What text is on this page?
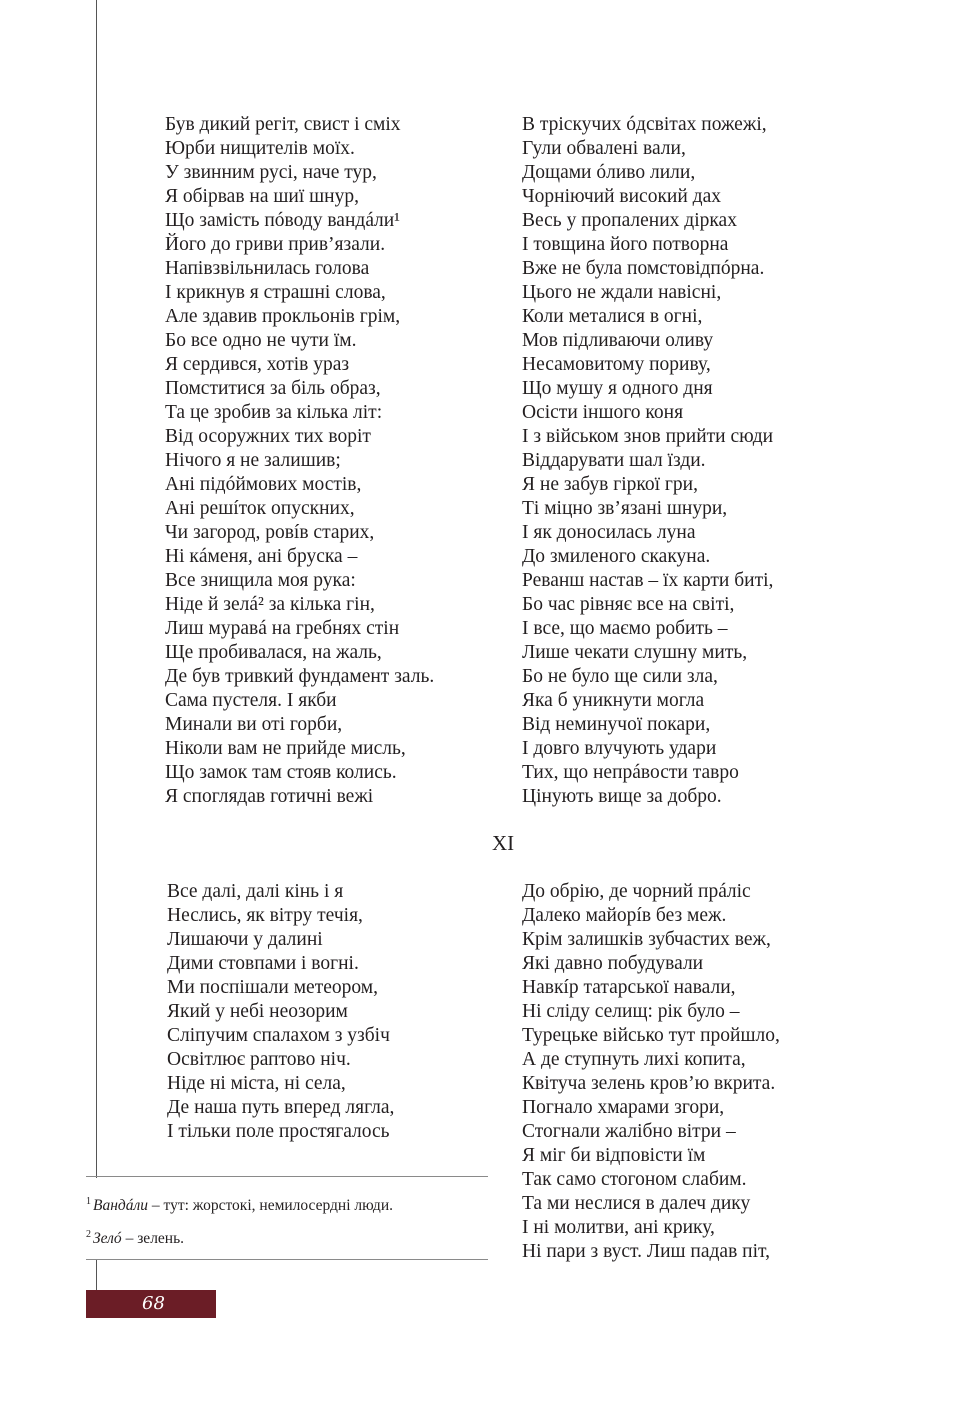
Був дикий регіт, свист і сміх
Юрби нищителів моїх.
У звинним русі, наче тур,
Я обірвав на шиї шнур,
Що замість пóводу вандáли¹
Його до гриви прив’язали.
Напівзвільнилась голова
І крикнув я страшні слова,
Але здавив прокльонів грім,
Бо все одно не чути їм.
Я сердився, хотів ураз
Помститися за біль образ,
Та це зробив за кілька літ:
Від осоружних тих воріт
Нічого я не залишив;
Ані підóймових мостів,
Ані решíток опускних,
Чи загород, ровíв старих,
Ні кáменя, ані бруска –
Все знищила моя рука:
Ніде й зелá² за кілька гін,
Лиш муравá на гребнях стін
Ще пробивалася, на жаль,
Де був тривкий фундамент заль.
Сама пустеля. І якби
Минали ви оті горби,
Ніколи вам не прийде мисль,
Що замок там стояв колись.
Я споглядав готичні вежі
В тріскучих óдсвітах пожежі,
Гули обвалені вали,
Дощами óливо лили,
Чорніючий високий дах
Весь у пропалених дірках
І товщина його потворна
Вже не була помстовідпóрна.
Цього не ждали навісні,
Коли металися в огні,
Мов підливаючи оливу
Несамовитому пориву,
Що мушу я одного дня
Осісти іншого коня
І з військом знов прийти сюди
Віддарувати шал їзди.
Я не забув гіркої гри,
Ті міцно зв’язані шнури,
І як доносилась луна
До змиленого скакуна.
Реванш настав – їх карти биті,
Бо час рівняє все на світі,
І все, що маємо робить –
Лише чекати слушну мить,
Бо не було ще сили зла,
Яка б уникнути могла
Від неминучої покари,
І довго влучують удари
Тих, що непрáвости тавро
Цінують вище за добро.
XI
Все далі, далі кінь і я
Неслись, як вітру течія,
Лишаючи у далині
Дими стовпами і вогні.
Ми поспішали метеором,
Який у небі неозорим
Сліпучим спалахом з узбіч
Освітлює раптово ніч.
Ніде ні міста, ні села,
Де наша путь вперед лягла,
І тільки поле простягалось
До обрію, де чорний прáліс
Далеко майорíв без меж.
Крім залишків зубчастих веж,
Які давно побудували
Навкíр татарської навали,
Ні сліду селищ: рік було –
Турецьке військо тут пройшло,
А де ступнуть лихі копита,
Квітуча зелень кров’ю вкрита.
Погнало хмарами згори,
Стогнали жалібно вітри –
Я міг би відповісти їм
Так само стогоном слабим.
Та ми неслися в далеч дику
І ні молитви, ані крику,
Ні пари з вуст. Лиш падав піт,
$^1$ Вандáли – тут: жорстокі, немилосердні люди.
$^2$ Зелó – зелень.
68
